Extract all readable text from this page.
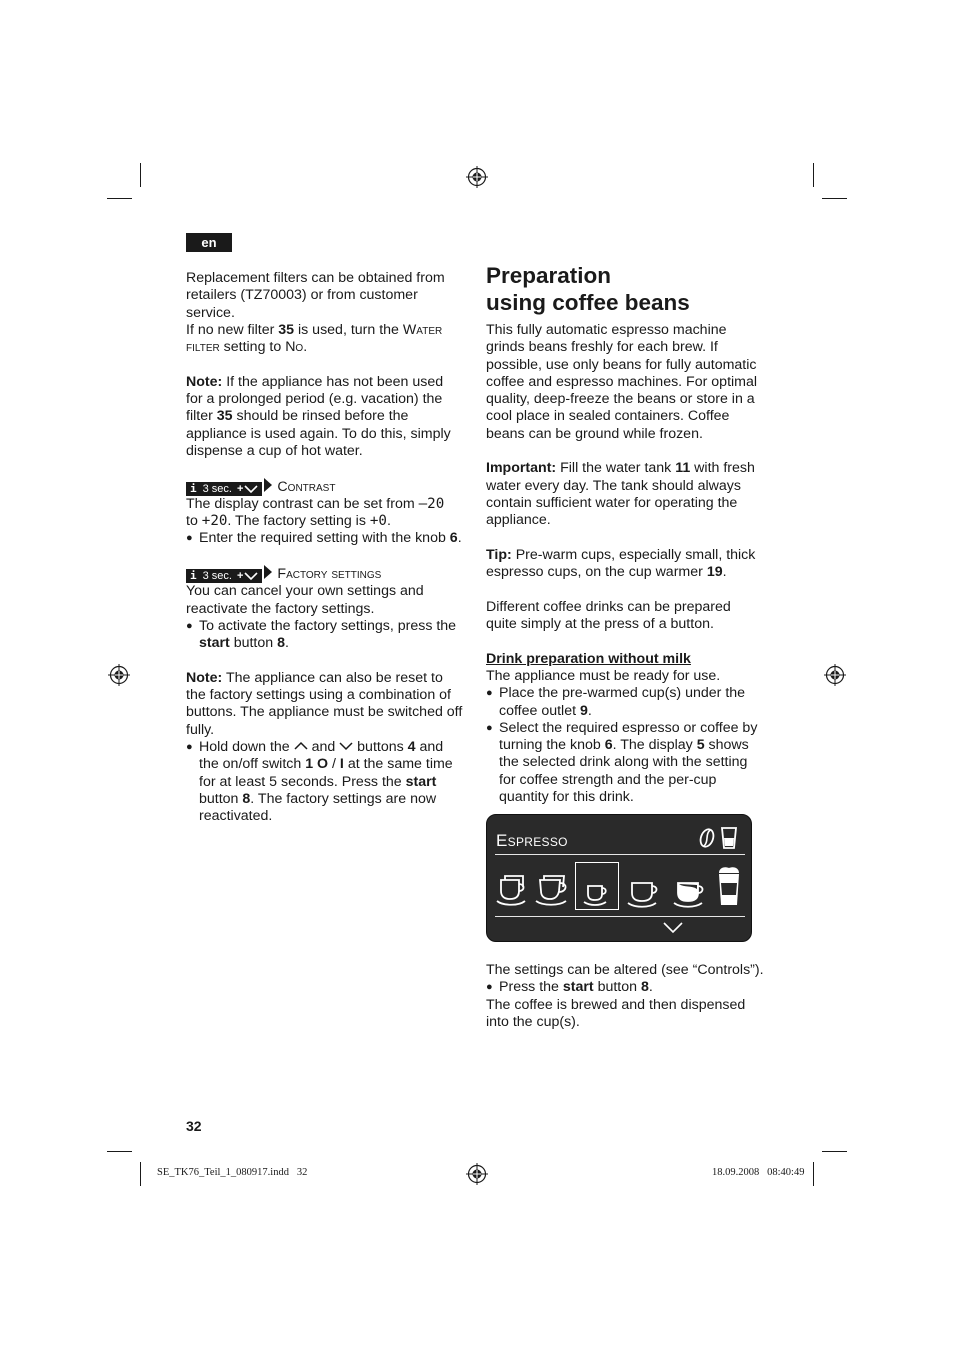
en

Replacement filters can be obtained from
retailers (TZ70003) or from customer
service.

If no new filter 35 is used, turn the Water
filter setting to No.

Note: If the appliance has not been used
for a prolonged period (e.g. vacation) the
filter 35 should be rinsed before the
appliance is used again. To do this, simply
dispense a cup of hot water.

i 3 sec. + Contrast

The display contrast can be set from –20
to +20. The factory setting is +0.

● Enter the required setting with the knob 6.

i 3 sec. + Factory settings

You can cancel your own settings and
reactivate the factory settings.

● To activate the factory settings, press the
start button 8.

Note: The appliance can also be reset to
the factory settings using a combination of
buttons. The appliance must be switched off
fully.

● Hold down the  and  buttons 4 and
the on/off switch 1 O / I at the same time
for at least 5 seconds. Press the start
button 8. The factory settings are now
reactivated.

Preparation
using coffee beans

This fully automatic espresso machine
grinds beans freshly for each brew. If
possible, use only beans for fully automatic
coffee and espresso machines. For optimal
quality, deep-freeze the beans or store in a
cool place in sealed containers. Coffee
beans can be ground while frozen.

Important: Fill the water tank 11 with fresh
water every day. The tank should always
contain sufficient water for operating the
appliance.

Tip: Pre-warm cups, especially small, thick
espresso cups, on the cup warmer 19.

Different coffee drinks can be prepared
quite simply at the press of a button.

Drink preparation without milk

The appliance must be ready for use.

● Place the pre-warmed cup(s) under the
coffee outlet 9.

● Select the required espresso or coffee by
turning the knob 6. The display 5 shows
the selected drink along with the setting
for coffee strength and the per-cup
quantity for this drink.

Espresso

The settings can be altered (see “Controls”).

● Press the start button 8.

The coffee is brewed and then dispensed
into the cup(s).

32
SE_TK76_Teil_1_080917.indd   32	18.09.2008   08:40:49
